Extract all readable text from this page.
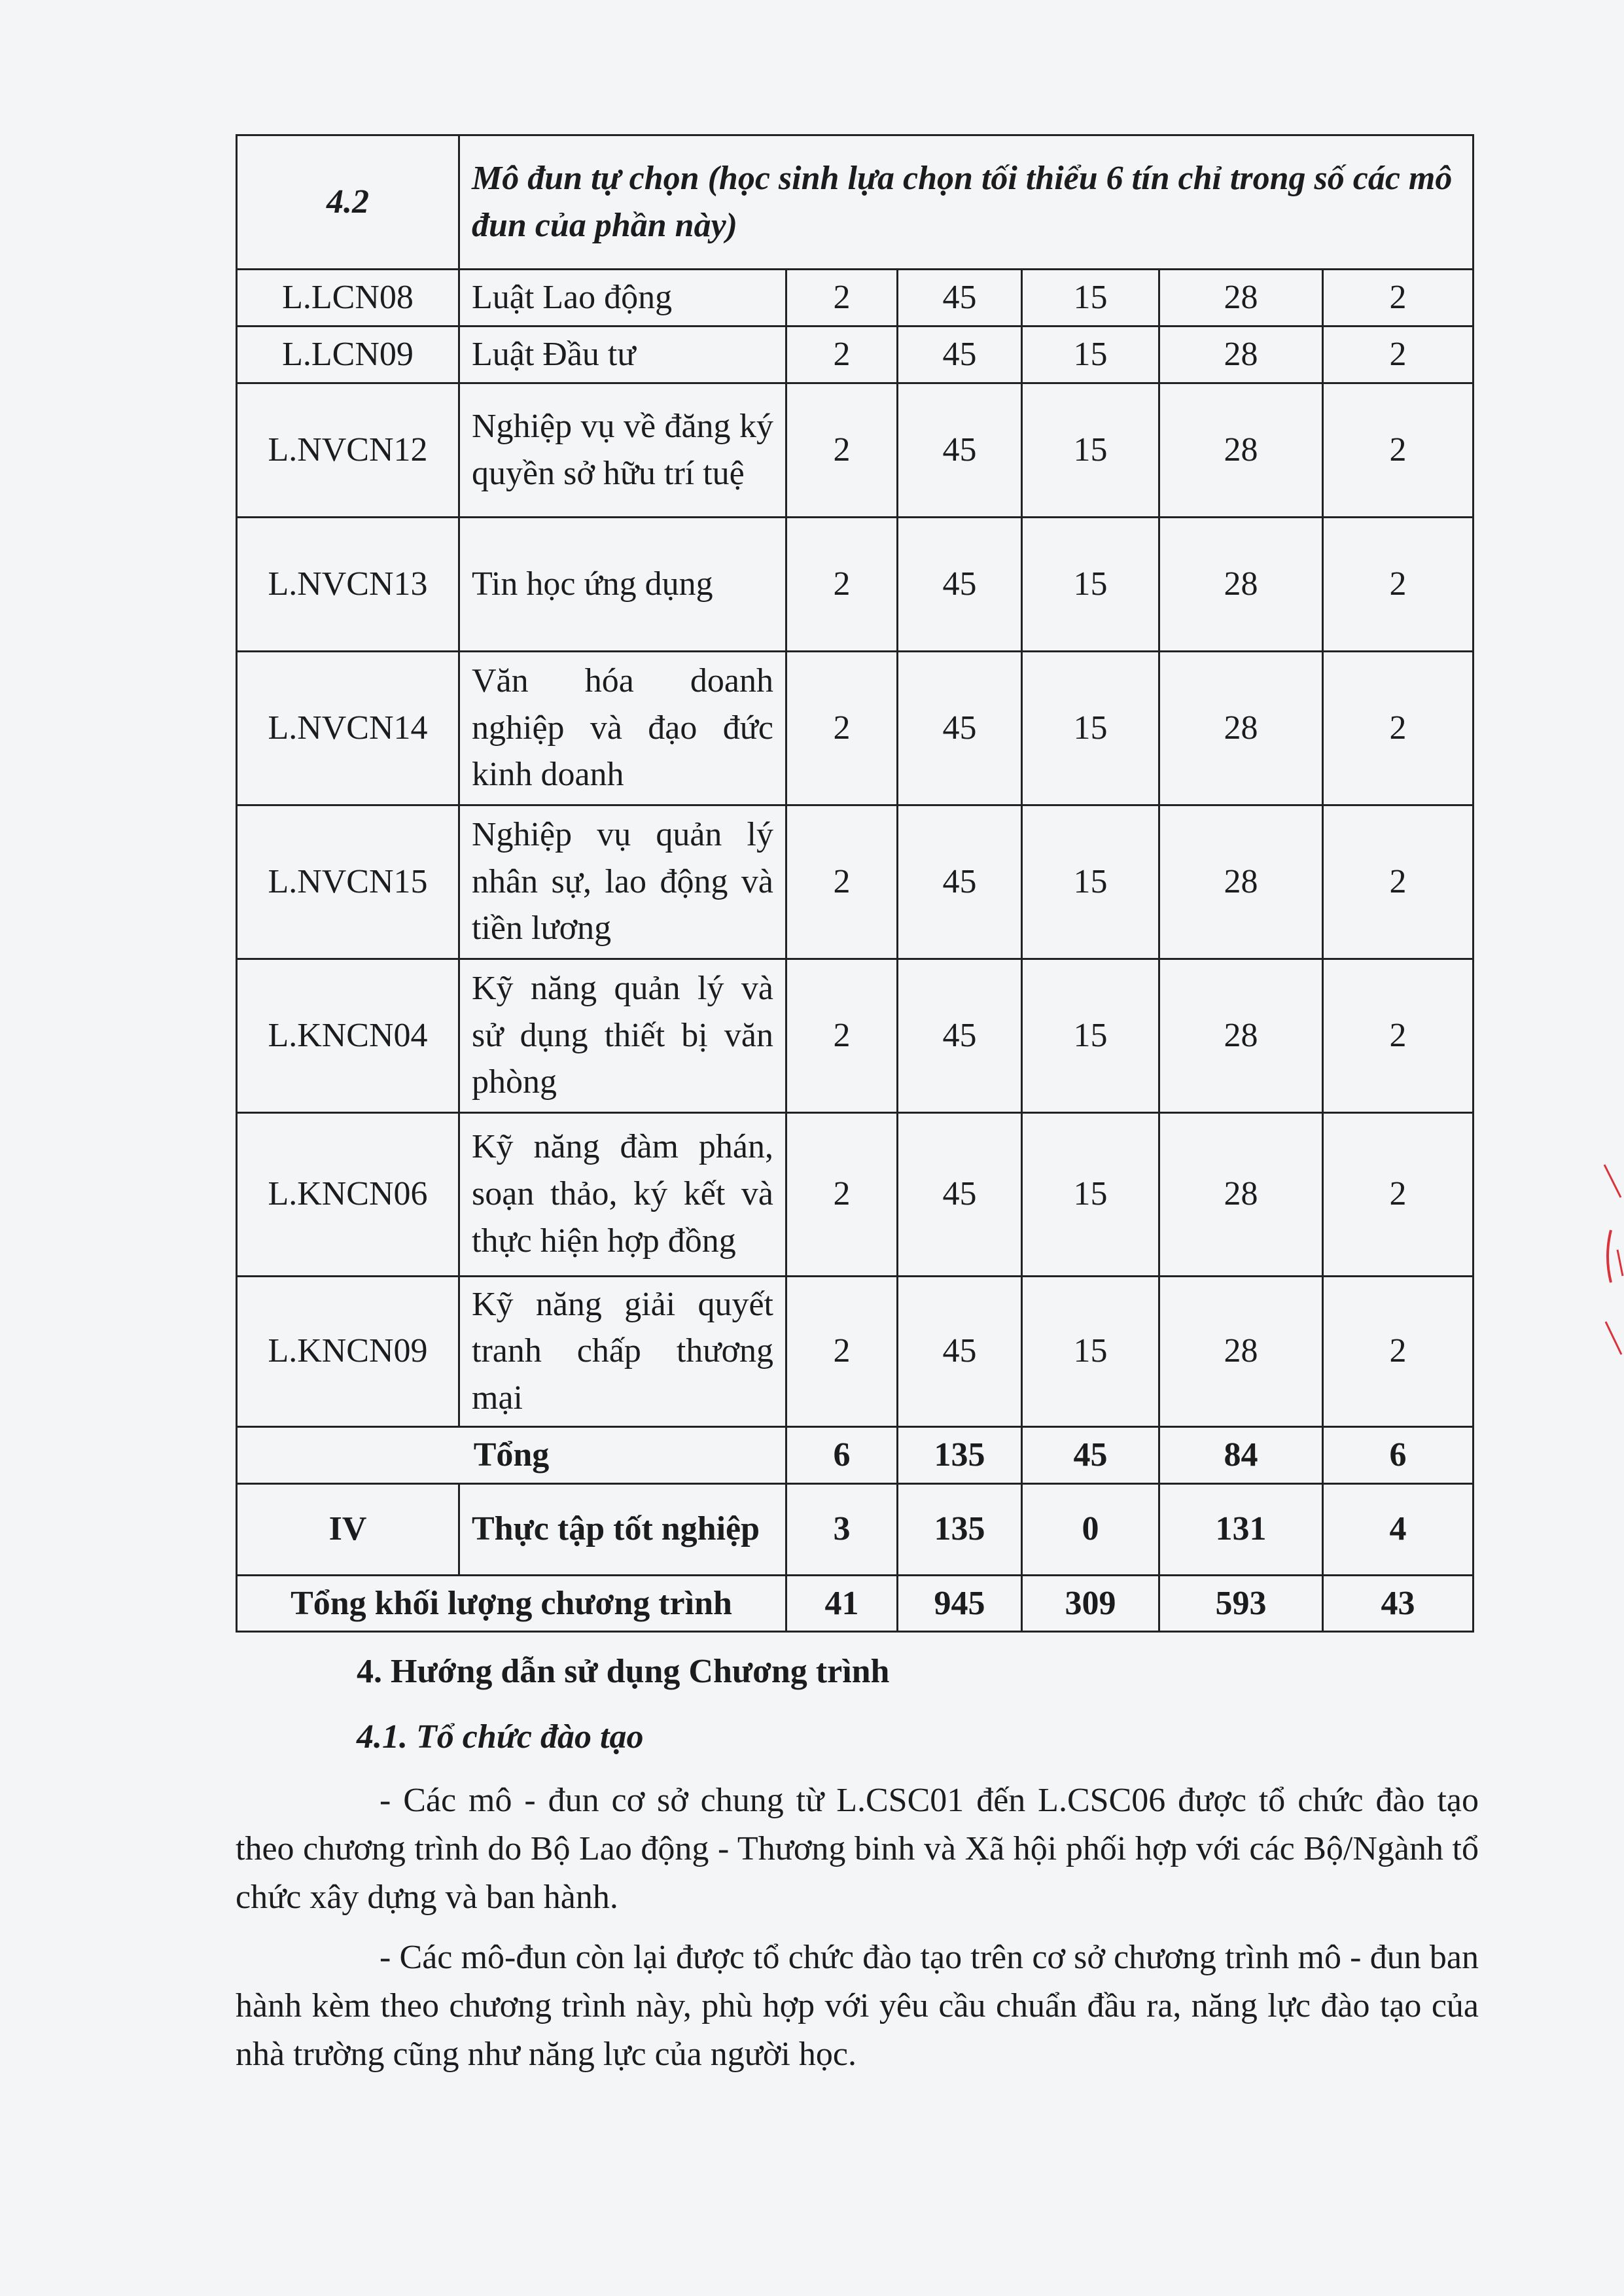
4.2	Mô đun tự chọn (học sinh lựa chọn tối thiểu 6 tín chỉ trong số các mô đun của phần này)					
L.LCN08	Luật Lao động	2	45	15	28	2
L.LCN09	Luật Đầu tư	2	45	15	28	2
L.NVCN12	Nghiệp vụ về đăng ký quyền sở hữu trí tuệ	2	45	15	28	2
L.NVCN13	Tin học ứng dụng	2	45	15	28	2
L.NVCN14	Văn hóa doanh nghiệp và đạo đức kinh doanh	2	45	15	28	2
L.NVCN15	Nghiệp vụ quản lý nhân sự, lao động và tiền lương	2	45	15	28	2
L.KNCN04	Kỹ năng quản lý và sử dụng thiết bị văn phòng	2	45	15	28	2
L.KNCN06	Kỹ năng đàm phán, soạn thảo, ký kết và thực hiện hợp đồng	2	45	15	28	2
L.KNCN09	Kỹ năng giải quyết tranh chấp thương mại	2	45	15	28	2
Tổng		6	135	45	84	6
IV	Thực tập tốt nghiệp	3	135	0	131	4
Tổng khối lượng chương trình		41	945	309	593	43
4. Hướng dẫn sử dụng Chương trình
4.1. Tổ chức đào tạo
- Các mô - đun cơ sở chung từ L.CSC01 đến L.CSC06 được tổ chức đào tạo theo chương trình do Bộ Lao động - Thương binh và Xã hội phối hợp với các Bộ/Ngành tổ chức xây dựng và ban hành.
- Các mô-đun còn lại được tổ chức đào tạo trên cơ sở chương trình mô - đun ban hành kèm theo chương trình này, phù hợp với yêu cầu chuẩn đầu ra, năng lực đào tạo của nhà trường cũng như năng lực của người học.
